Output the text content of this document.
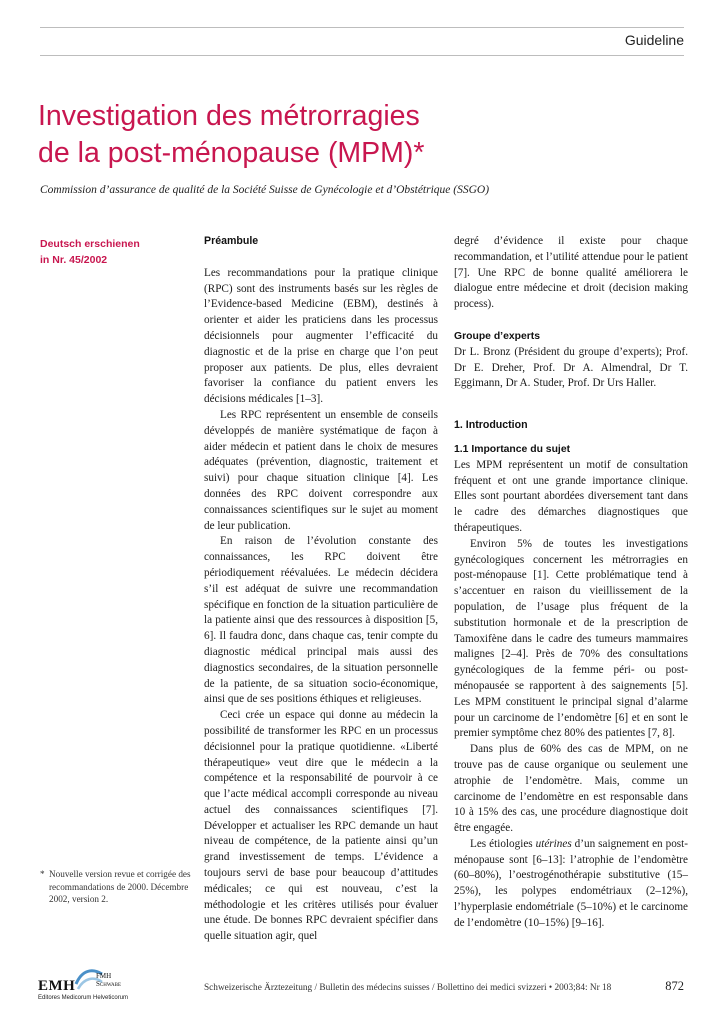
Guideline
Investigation des métrorragies
de la post-ménopause (MPM)*
Commission d’assurance de qualité de la Société Suisse de Gynécologie et d’Obstétrique (SSGO)
Deutsch erschienen
in Nr. 45/2002
Préambule

Les recommandations pour la pratique clinique (RPC) sont des instruments basés sur les règles de l’Evidence-based Medicine (EBM), destinés à orienter et aider les praticiens dans les processus décisionnels pour augmenter l’efficacité du diagnostic et de la prise en charge que l’on peut proposer aux patients. De plus, elles devraient favoriser la confiance du patient envers les décisions médicales [1–3].

Les RPC représentent un ensemble de conseils développés de manière systématique de façon à aider médecin et patient dans le choix de mesures adéquates (prévention, diagnostic, traitement et suivi) pour chaque situation clinique [4]. Les données des RPC doivent correspondre aux connaissances scientifiques sur le sujet au moment de leur publication.

En raison de l’évolution constante des connaissances, les RPC doivent être périodiquement réévaluées. Le médecin décidera s’il est adéquat de suivre une recommandation spécifique en fonction de la situation particulière de la patiente ainsi que des ressources à disposition [5, 6]. Il faudra donc, dans chaque cas, tenir compte du diagnostic médical principal mais aussi des diagnostics secondaires, de la situation personnelle de la patiente, de sa situation socio-économique, ainsi que de ses positions éthiques et religieuses.

Ceci crée un espace qui donne au médecin la possibilité de transformer les RPC en un processus décisionnel pour la pratique quotidienne. «Liberté thérapeutique» veut dire que le médecin a la compétence et la responsabilité de pourvoir à ce que l’acte médical accompli corresponde au niveau actuel des connaissances scientifiques [7]. Développer et actualiser les RPC demande un haut niveau de compétence, de la patiente ainsi qu’un grand investissement de temps. L’évidence a toujours servi de base pour beaucoup d’attitudes médicales; ce qui est nouveau, c’est la méthodologie et les critères utilisés pour évaluer une étude. De bonnes RPC devraient spécifier dans quelle situation agir, quel

degré d’évidence il existe pour chaque recommandation, et l’utilité attendue pour le patient [7]. Une RPC de bonne qualité améliorera le dialogue entre médecine et droit (decision making process).

Groupe d’experts

Dr L. Bronz (Président du groupe d’experts); Prof. Dr E. Dreher, Prof. Dr A. Almendral, Dr T. Eggimann, Dr A. Studer, Prof. Dr Urs Haller.

1. Introduction
1.1 Importance du sujet

Les MPM représentent un motif de consultation fréquent et ont une grande importance clinique. Elles sont pourtant abordées diversement tant dans le cadre des démarches diagnostiques que thérapeutiques.

Environ 5% de toutes les investigations gynécologiques concernent les métrorragies en post-ménopause [1]. Cette problématique tend à s’accentuer en raison du vieillissement de la population, de l’usage plus fréquent de la substitution hormonale et de la prescription de Tamoxifène dans le cadre des tumeurs mammaires malignes [2–4]. Près de 70% des consultations gynécologiques de la femme péri- ou post-ménopausée se rapportent à des saignements [5]. Les MPM constituent le principal signal d’alarme pour un carcinome de l’endomètre [6] et en sont le premier symptôme chez 80% des patientes [7, 8].

Dans plus de 60% des cas de MPM, on ne trouve pas de cause organique ou seulement une atrophie de l’endomètre. Mais, comme un carcinome de l’endomètre en est responsable dans 10 à 15% des cas, une procédure diagnostique doit être engagée.

Les étiologies utérines d’un saignement en post-ménopause sont [6–13]: l’atrophie de l’endomètre (60–80%), l’oestrogénothérapie substitutive (15–25%), les polypes endométriaux (2–12%), l’hyperplasie endométriale (5–10%) et le carcinome de l’endomètre (10–15%) [9–16].

* Nouvelle version revue et corrigée des recommandations de 2000. Décembre 2002, version 2.
EMH
FMH
Schwabe
Editores Medicorum Helveticorum
Schweizerische Ärztezeitung / Bulletin des médecins suisses / Bollettino dei medici svizzeri • 2003;84: Nr 18	872
